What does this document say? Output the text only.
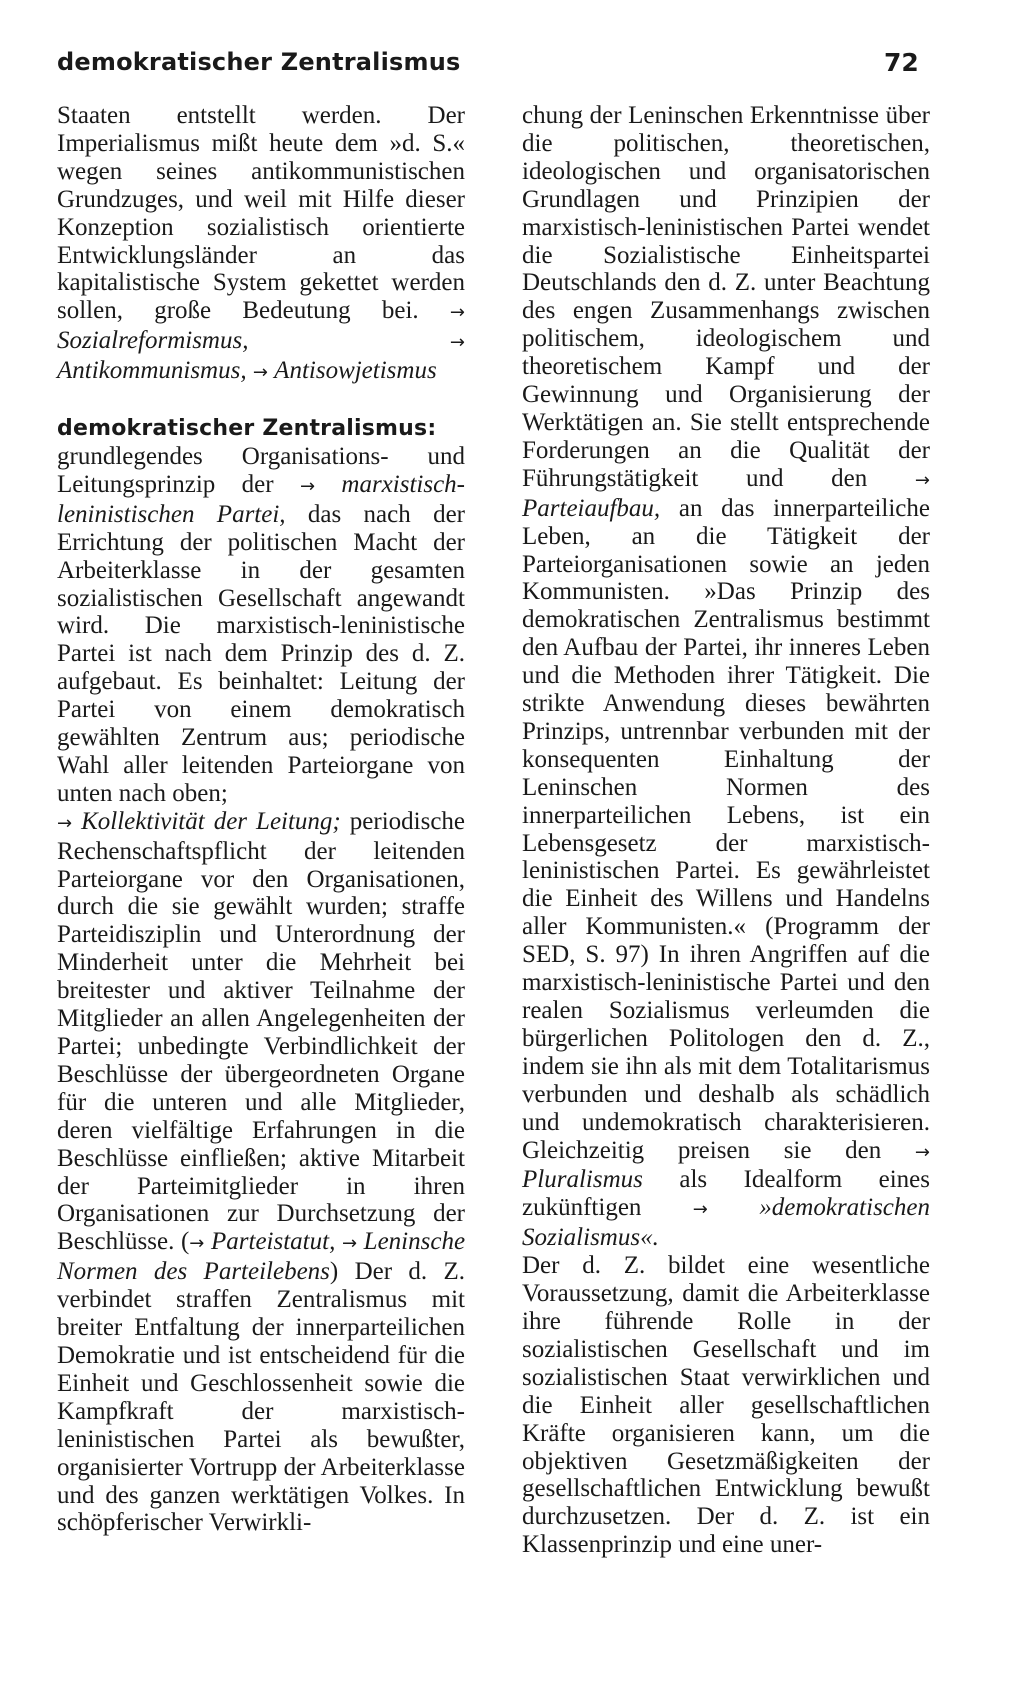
demokratischer Zentralismus	72

Staaten entstellt werden. Der Imperialismus mißt heute dem »d. S.« wegen seines antikommunistischen Grundzuges, und weil mit Hilfe dieser Konzeption sozialistisch orientierte Entwicklungsländer an das kapitalistische System gekettet werden sollen, große Bedeutung bei. → Sozialreformismus,	→ Antikommunismus, → Antisowjetismus

demokratischer Zentralismus:
grundlegendes Organisations- und Leitungsprinzip der → marxistisch-leninistischen Partei, das nach der Errichtung der politischen Macht der Arbeiterklasse in der gesamten sozialistischen Gesellschaft angewandt wird. Die marxistisch-leninistische Partei ist nach dem Prinzip des d. Z. aufgebaut. Es beinhaltet: Leitung der Partei von einem demokratisch gewählten Zentrum aus; periodische Wahl aller leitenden Parteiorgane von unten nach oben;
→ Kollektivität der Leitung; periodische Rechenschaftspflicht der leitenden Parteiorgane vor den Organisationen, durch die sie gewählt wurden; straffe Parteidisziplin und Unterordnung der Minderheit unter die Mehrheit bei breitester und aktiver Teilnahme der Mitglieder an allen Angelegenheiten der Partei; unbedingte Verbindlichkeit der Beschlüsse der übergeordneten Organe für die unteren und alle Mitglieder, deren vielfältige Erfahrungen in die Beschlüsse einfließen; aktive Mitarbeit der Parteimitglieder in ihren Organisationen zur Durchsetzung der Beschlüsse. (→ Parteistatut, → Leninsche Normen des Parteilebens) Der d. Z. verbindet straffen Zentralismus mit breiter Entfaltung der innerparteilichen Demokratie und ist entscheidend für die Einheit und Geschlossenheit sowie die Kampfkraft der marxistisch-leninistischen Partei als bewußter, organisierter Vortrupp der Arbeiterklasse und des ganzen werktätigen Volkes. In schöpferischer Verwirkli-

chung der Leninschen Erkenntnisse über die politischen, theoretischen, ideologischen und organisatorischen Grundlagen und Prinzipien der marxistisch-leninistischen Partei wendet die Sozialistische Einheitspartei Deutschlands den d. Z. unter Beachtung des engen Zusammenhangs zwischen politischem, ideologischem und theoretischem Kampf und der Gewinnung und Organisierung der Werktätigen an. Sie stellt entsprechende Forderungen an die Qualität der Führungstätigkeit und den	→ Parteiaufbau, an das innerparteiliche Leben, an die Tätigkeit der Parteiorganisationen sowie an jeden Kommunisten. »Das Prinzip des demokratischen Zentralismus bestimmt den Aufbau der Partei, ihr inneres Leben und die Methoden ihrer Tätigkeit. Die strikte Anwendung dieses bewährten Prinzips, untrennbar verbunden mit der konsequenten Einhaltung der Leninschen Normen des innerparteilichen Lebens, ist ein Lebensgesetz der marxistisch-leninistischen Partei. Es gewährleistet die Einheit des Willens und Handelns aller Kommunisten.« (Programm der SED, S. 97) In ihren Angriffen auf die marxistisch-leninistische Partei und den realen Sozialismus verleumden die bürgerlichen Politologen den d. Z., indem sie ihn als mit dem Totalitarismus verbunden und deshalb als schädlich und undemokratisch charakterisieren. Gleichzeitig preisen sie den → Pluralismus als Idealform eines zukünftigen	→ »demokratischen Sozialismus«.
Der d. Z. bildet eine wesentliche Voraussetzung, damit die Arbeiterklasse ihre führende Rolle in der sozialistischen Gesellschaft und im sozialistischen Staat verwirklichen und die Einheit aller gesellschaftlichen Kräfte organisieren kann, um die objektiven Gesetzmäßigkeiten der gesellschaftlichen Entwicklung bewußt durchzusetzen. Der d. Z. ist ein Klassenprinzip und eine uner-
